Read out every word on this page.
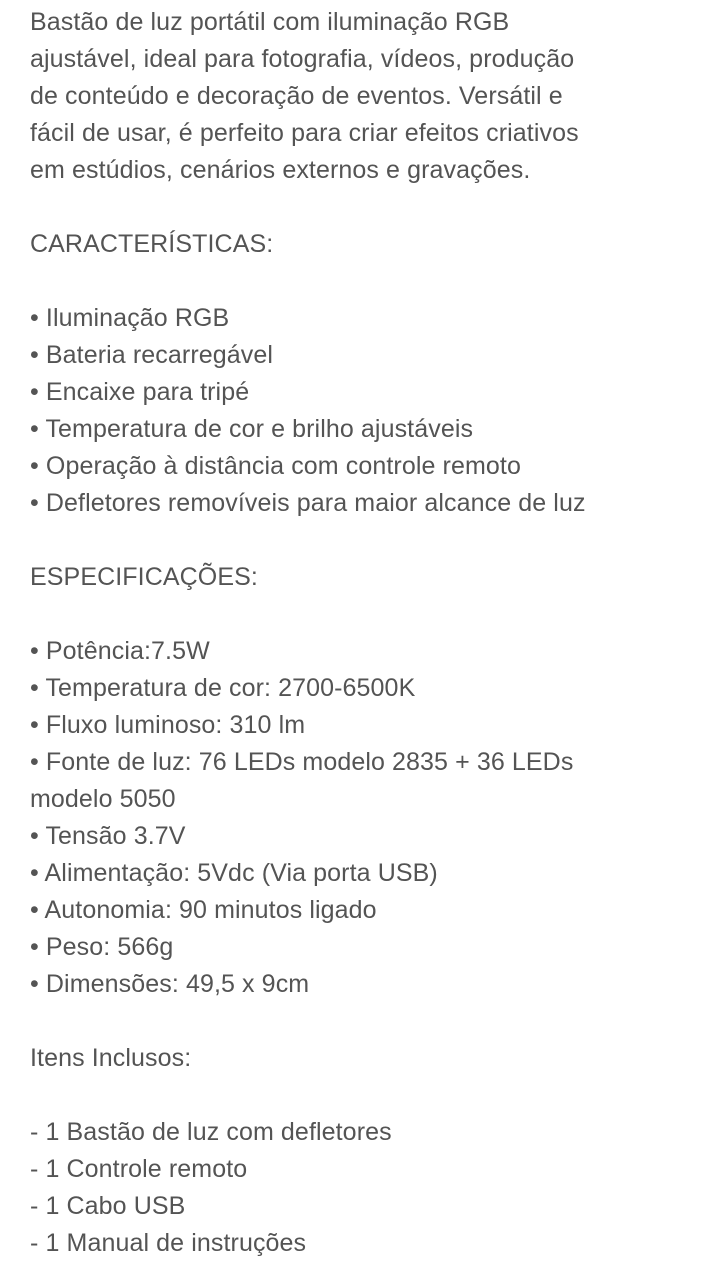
Bastão de luz portátil com iluminação RGB

ajustável, ideal para fotografia, vídeos, produção

de conteúdo e decoração de eventos. Versátil e

fácil de usar, é perfeito para criar efeitos criativos

em estúdios, cenários externos e gravações.

CARACTERÍSTICAS:
• Iluminação RGB
• Bateria recarregável
• Encaixe para tripé
• Temperatura de cor e brilho ajustáveis
• Operação à distância com controle remoto
• Defletores removíveis para maior alcance de luz
ESPECIFICAÇÕES:
• Potência:7.5W
• Temperatura de cor: 2700-6500K
• Fluxo luminoso: 310 lm
• Fonte de luz: 76 LEDs modelo 2835 + 36 LEDs
modelo 5050
• Tensão 3.7V
• Alimentação: 5Vdc (Via porta USB)
• Autonomia: 90 minutos ligado
• Peso: 566g
• Dimensões: 49,5 x 9cm
Itens Inclusos:
- 1 Bastão de luz com defletores
- 1 Controle remoto
- 1 Cabo USB
- 1 Manual de instruções
